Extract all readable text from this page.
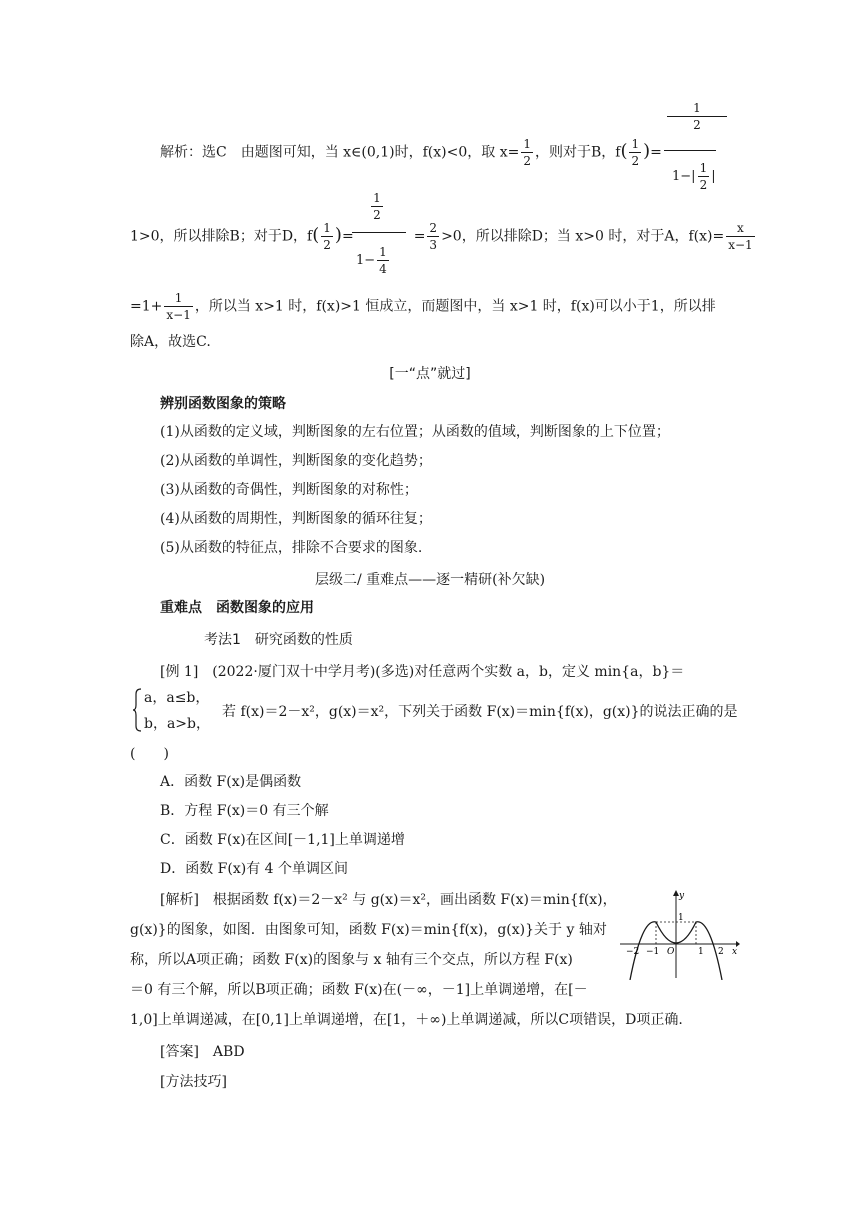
解析：选C　由题图可知，当 x∈(0,1)时，f(x)<0，取 $x= \frac{1}{2}$ ，则对于B，$f( \frac{1}{2}$ )=
$\frac{1}{2}$
$1-| \frac{1}{2}$ |
1>0，所以排除B；对于D，$f( \frac{1}{2}$ )=	= $\frac{2}{3} >0$，所以排除D；当 x>0 时，对于A，$f(x)= \frac{x}{x-1}$
$\frac{1}{2}$
$1- \frac{1}{4}$
$=1+ \frac{1}{x-1}$ ，所以当 x>1 时，f(x)>1 恒成立，而题图中，当 x>1 时，f(x)可以小于1，所以排
除A，故选C.
[一“点”就过]
辨别函数图象的策略
(1)从函数的定义域，判断图象的左右位置；从函数的值域，判断图象的上下位置；
(2)从函数的单调性，判断图象的变化趋势；
(3)从函数的奇偶性，判断图象的对称性；
(4)从函数的周期性，判断图象的循环往复；
(5)从函数的特征点，排除不合要求的图象.
层级二/ 重难点——逐一精研(补欠缺)
重难点　函数图象的应用
考法1　研究函数的性质
[例 1]　(2022·厦门双十中学月考)(多选)对任意两个实数 a，b，定义 min{a，b}＝
a，a≤b，
b，a>b，
若 f(x)＝2－x²，g(x)＝x²，下列关于函数 F(x)＝min{f(x)，g(x)}的说法正确的是
(　　)
A．函数 F(x)是偶函数
B．方程 F(x)＝0 有三个解
C．函数 F(x)在区间[－1,1]上单调递增
D．函数 F(x)有 4 个单调区间
[解析]　根据函数 f(x)＝2－x² 与 g(x)＝x²，画出函数 F(x)＝min{f(x)，
g(x)}的图象，如图．由图象可知，函数 F(x)＝min{f(x)，g(x)}关于 y 轴对
称，所以A项正确；函数 F(x)的图象与 x 轴有三个交点，所以方程 F(x)
＝0 有三个解，所以B项正确；函数 F(x)在(－∞，－1]上单调递增，在[－
1,0]上单调递减，在[0,1]上单调递增，在[1，＋∞)上单调递减，所以C项错误，D项正确.
[答案]　ABD
[方法技巧]
y
x
1
O
−2 −1	1 2
